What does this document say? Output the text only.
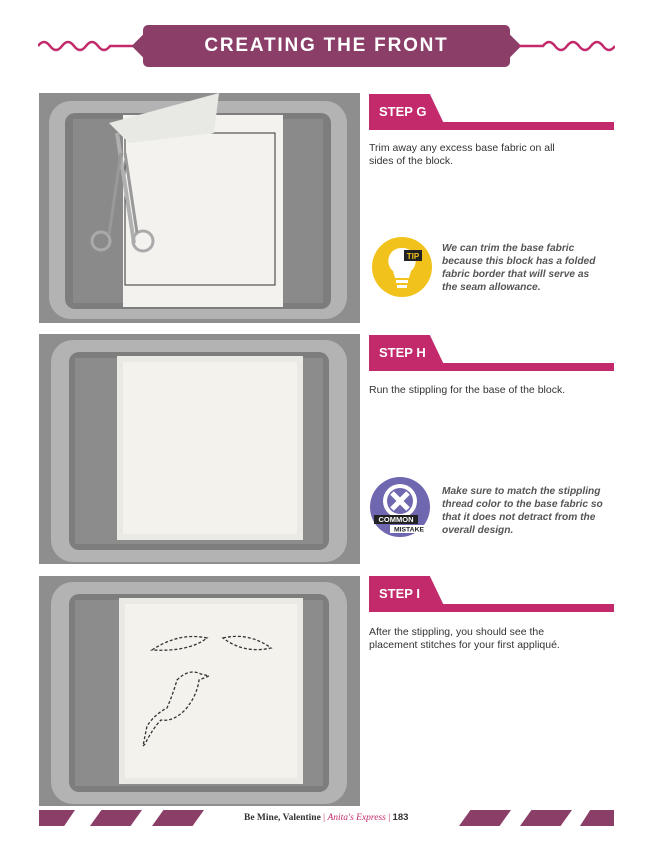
CREATING THE FRONT
STEP G
Trim away any excess base fabric on all sides of the block.
TIP
We can trim the base fabric because this block has a folded fabric border that will serve as the seam allowance.
STEP H
Run the stippling for the base of the block.
COMMON
MISTAKE
Make sure to match the stippling thread color to the base fabric so that it does not detract from the overall design.
STEP I
After the stippling, you should see the placement stitches for your first appliqué.
Be Mine, Valentine | Anita's Express | 183
